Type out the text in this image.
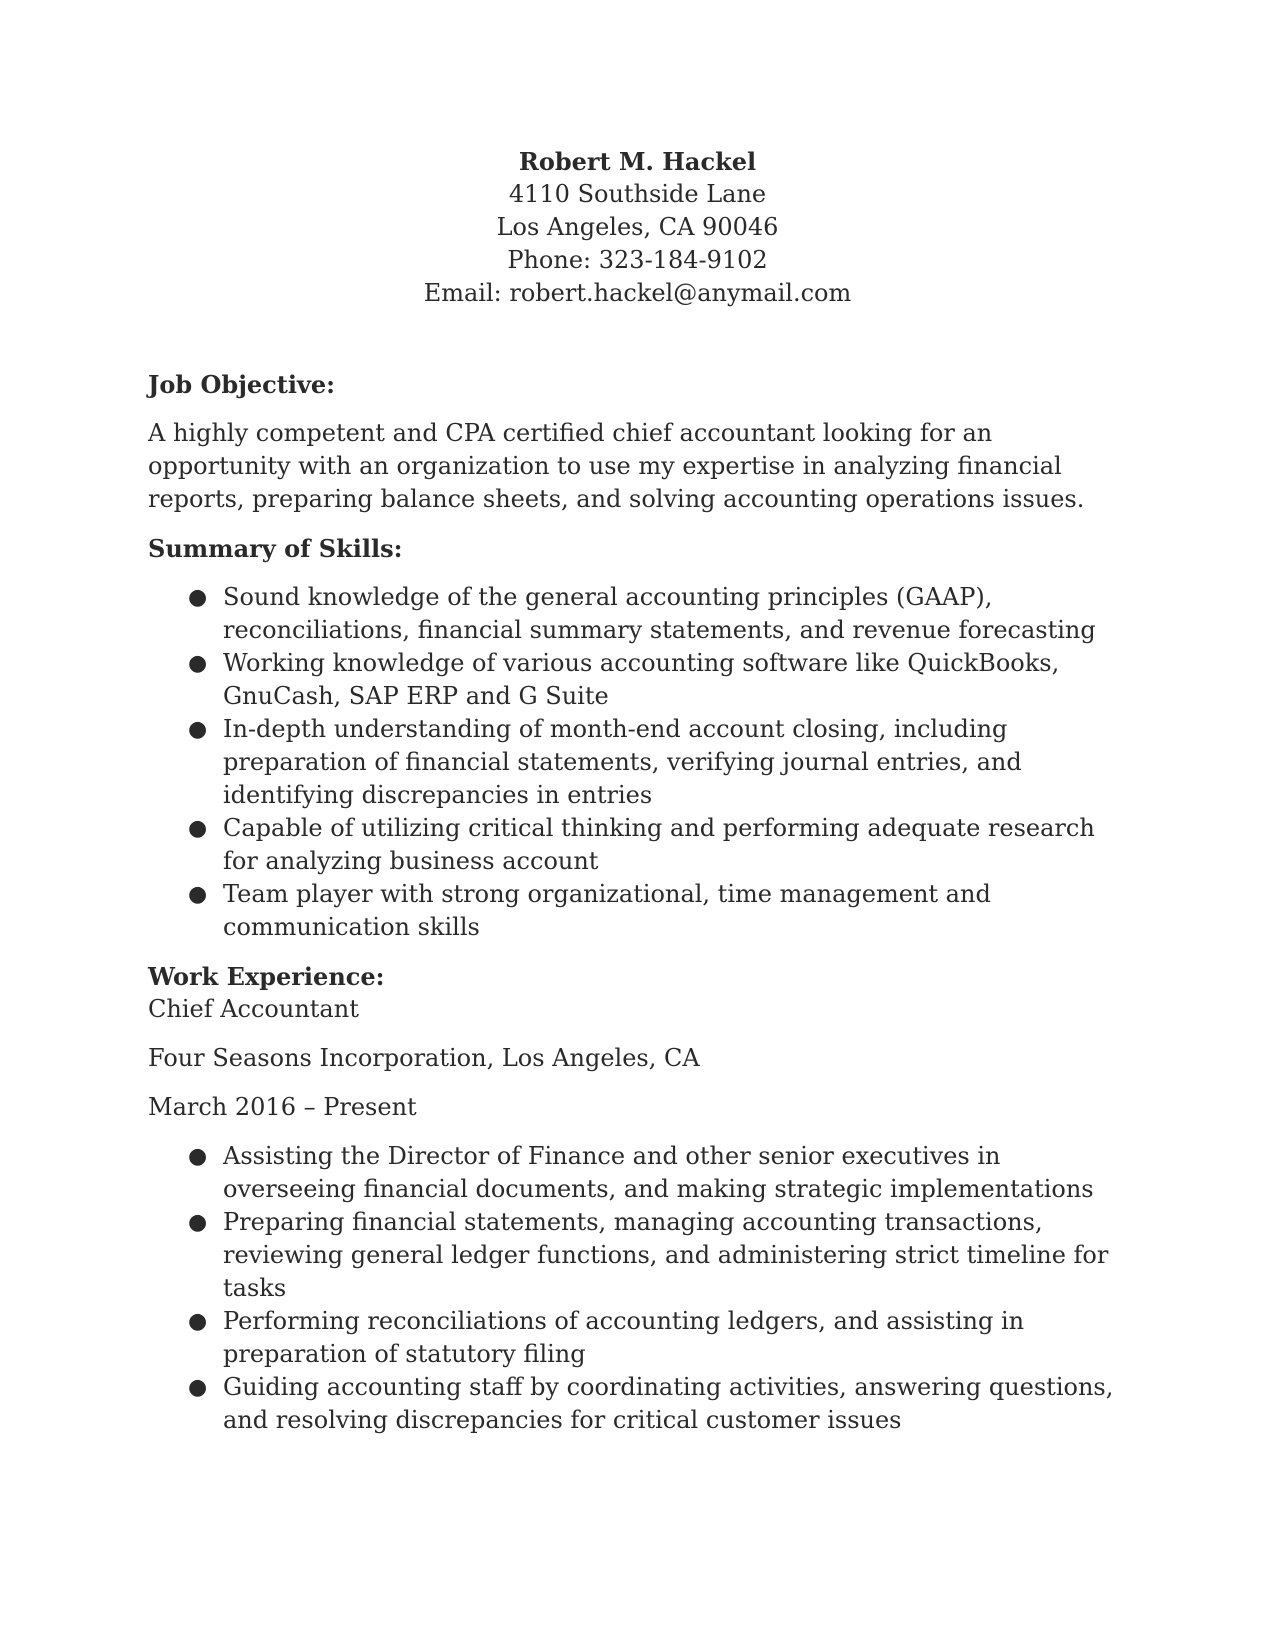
Robert M. Hackel
4110 Southside Lane
Los Angeles, CA 90046
Phone: 323-184-9102
Email: robert.hackel@anymail.com
Job Objective:

A highly competent and CPA certified chief accountant looking for an opportunity with an organization to use my expertise in analyzing financial reports, preparing balance sheets, and solving accounting operations issues.

Summary of Skills:
● Sound knowledge of the general accounting principles (GAAP), reconciliations, financial summary statements, and revenue forecasting
● Working knowledge of various accounting software like QuickBooks, GnuCash, SAP ERP and G Suite
● In-depth understanding of month-end account closing, including preparation of financial statements, verifying journal entries, and identifying discrepancies in entries
● Capable of utilizing critical thinking and performing adequate research for analyzing business account
● Team player with strong organizational, time management and communication skills
Work Experience:
Chief Accountant
Four Seasons Incorporation, Los Angeles, CA
March 2016 – Present
● Assisting the Director of Finance and other senior executives in overseeing financial documents, and making strategic implementations
● Preparing financial statements, managing accounting transactions, reviewing general ledger functions, and administering strict timeline for tasks
● Performing reconciliations of accounting ledgers, and assisting in preparation of statutory filing
● Guiding accounting staff by coordinating activities, answering questions, and resolving discrepancies for critical customer issues
